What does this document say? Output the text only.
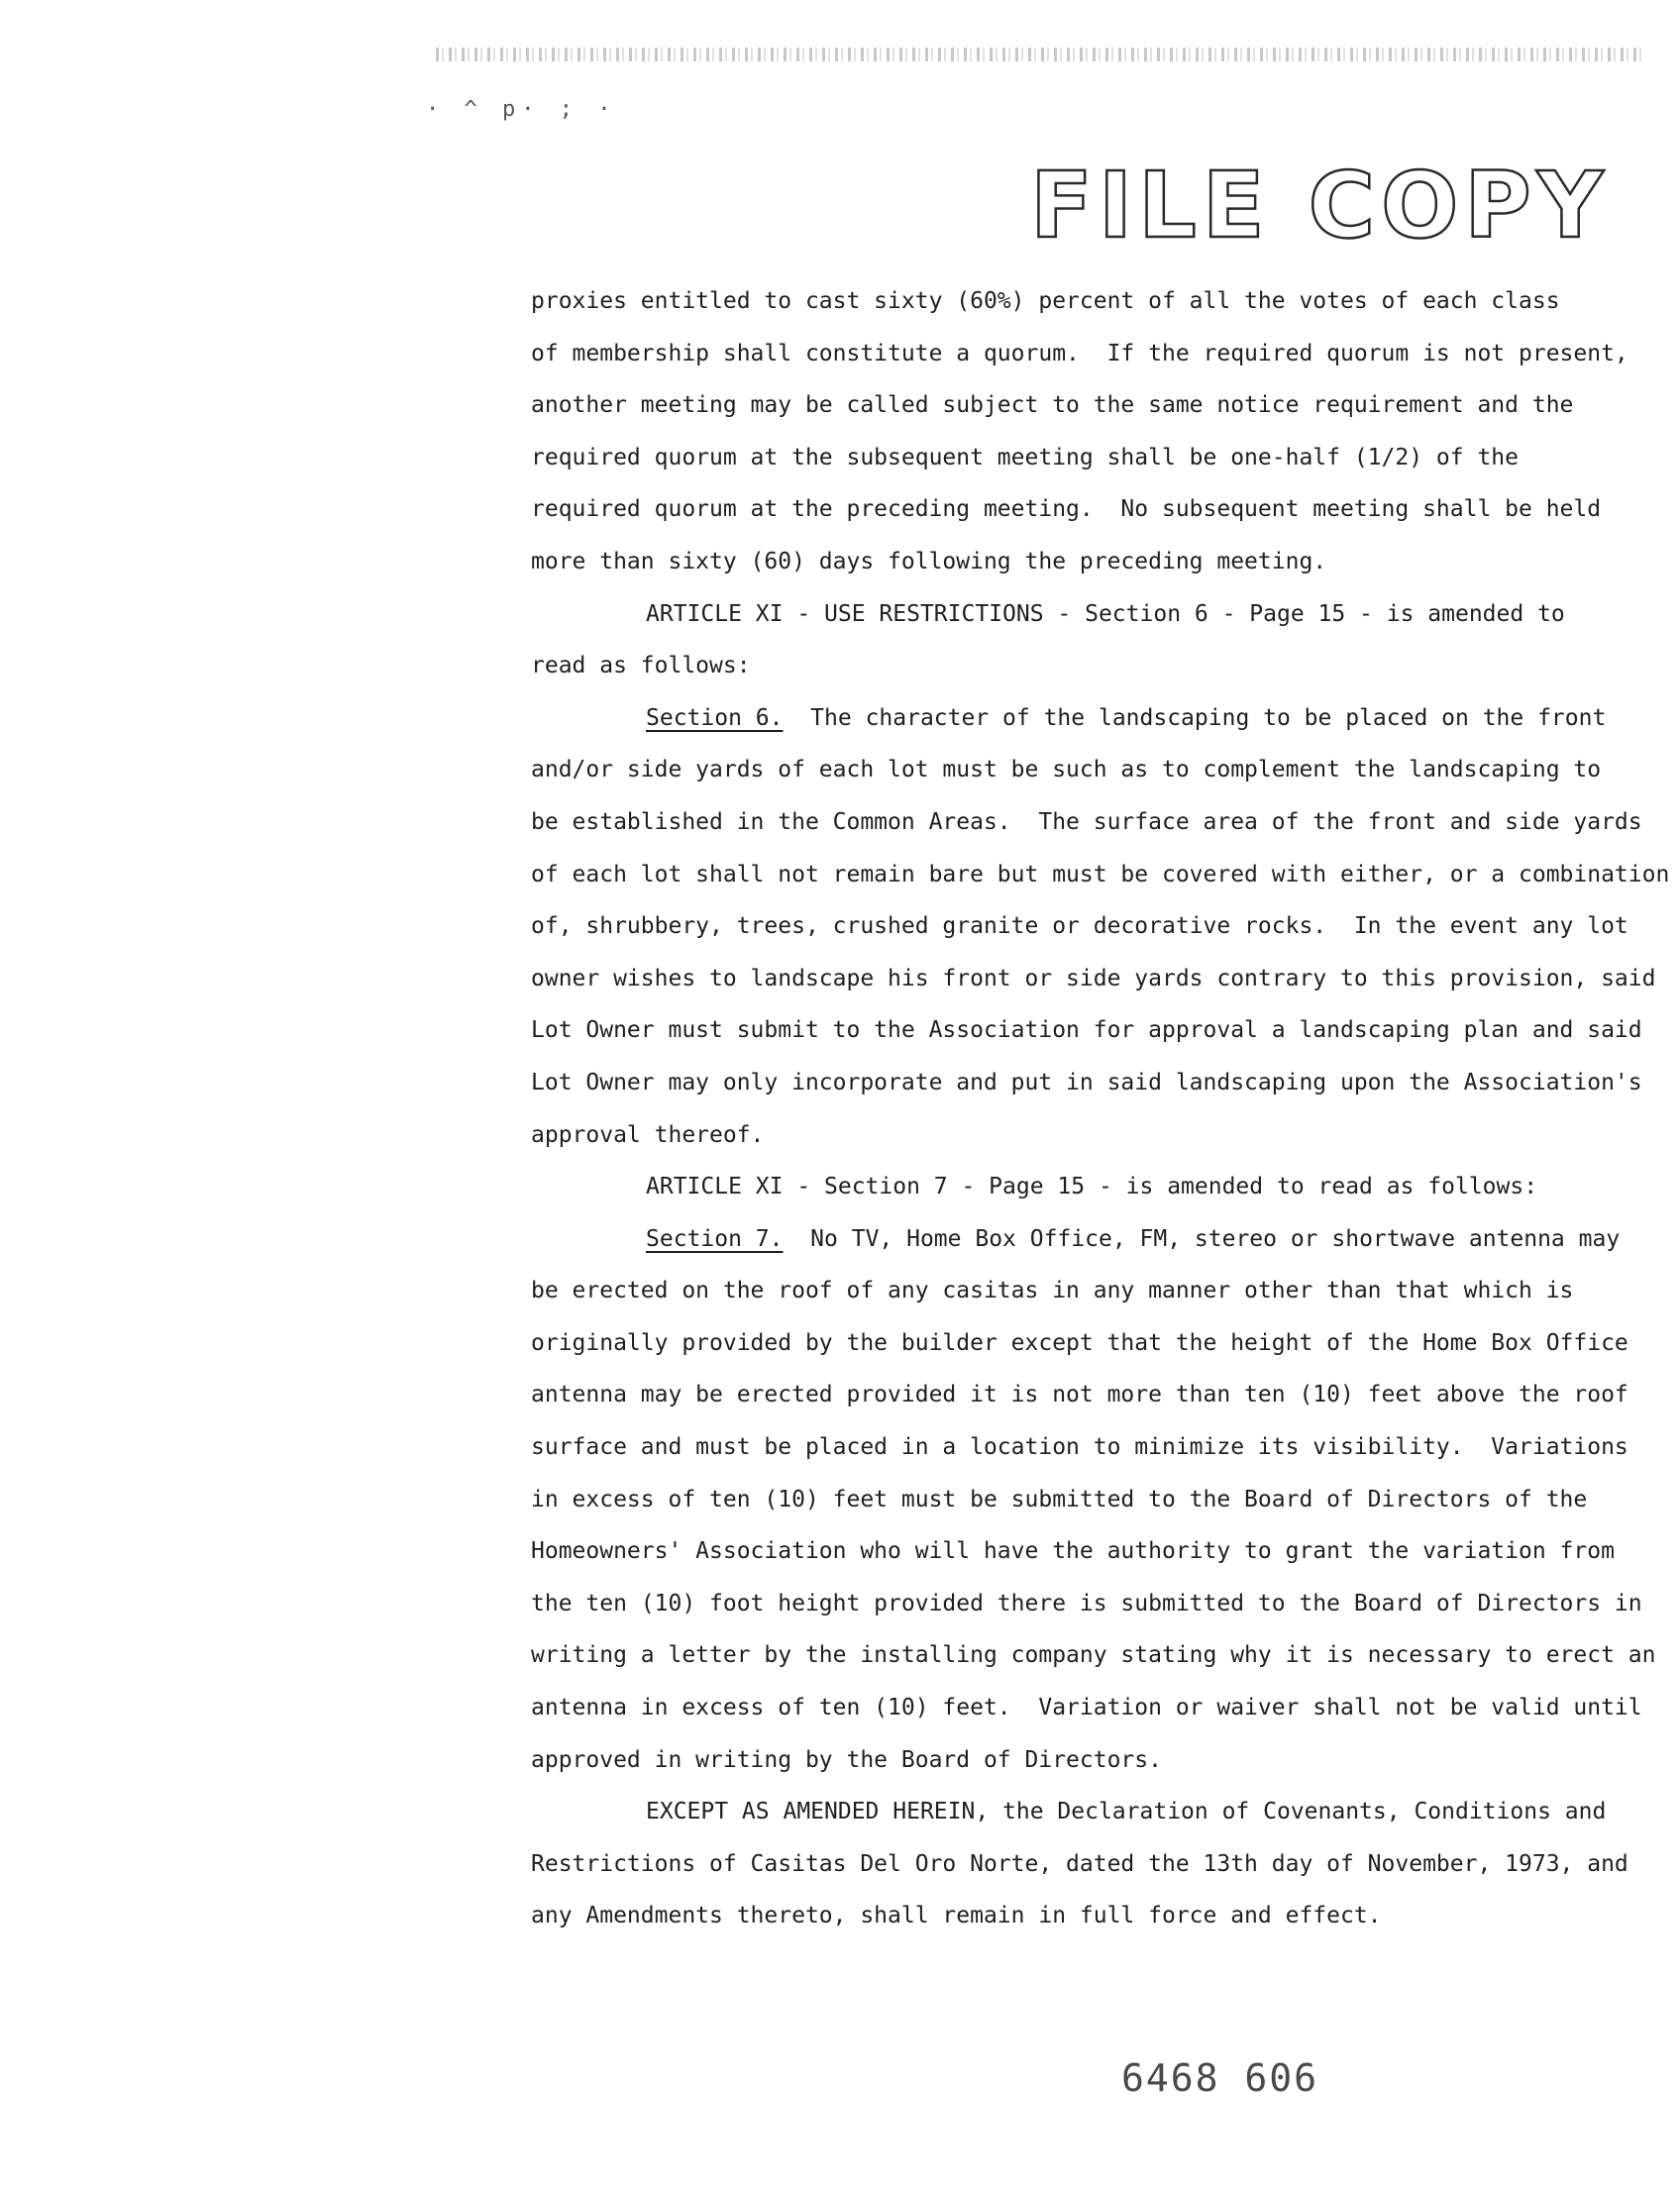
· ^ p· ; ·
FILE COPY
proxies entitled to cast sixty (60%) percent of all the votes of each class
of membership shall constitute a quorum.  If the required quorum is not present,
another meeting may be called subject to the same notice requirement and the
required quorum at the subsequent meeting shall be one-half (1/2) of the
required quorum at the preceding meeting.  No subsequent meeting shall be held
more than sixty (60) days following the preceding meeting.
ARTICLE XI - USE RESTRICTIONS - Section 6 - Page 15 - is amended to
read as follows:
Section 6.  The character of the landscaping to be placed on the front
and/or side yards of each lot must be such as to complement the landscaping to
be established in the Common Areas.  The surface area of the front and side yards
of each lot shall not remain bare but must be covered with either, or a combination
of, shrubbery, trees, crushed granite or decorative rocks.  In the event any lot
owner wishes to landscape his front or side yards contrary to this provision, said
Lot Owner must submit to the Association for approval a landscaping plan and said
Lot Owner may only incorporate and put in said landscaping upon the Association's
approval thereof.
ARTICLE XI - Section 7 - Page 15 - is amended to read as follows:
Section 7.  No TV, Home Box Office, FM, stereo or shortwave antenna may
be erected on the roof of any casitas in any manner other than that which is
originally provided by the builder except that the height of the Home Box Office
antenna may be erected provided it is not more than ten (10) feet above the roof
surface and must be placed in a location to minimize its visibility.  Variations
in excess of ten (10) feet must be submitted to the Board of Directors of the
Homeowners' Association who will have the authority to grant the variation from
the ten (10) foot height provided there is submitted to the Board of Directors in
writing a letter by the installing company stating why it is necessary to erect an
antenna in excess of ten (10) feet.  Variation or waiver shall not be valid until
approved in writing by the Board of Directors.
EXCEPT AS AMENDED HEREIN, the Declaration of Covenants, Conditions and
Restrictions of Casitas Del Oro Norte, dated the 13th day of November, 1973, and
any Amendments thereto, shall remain in full force and effect.
6468 606
